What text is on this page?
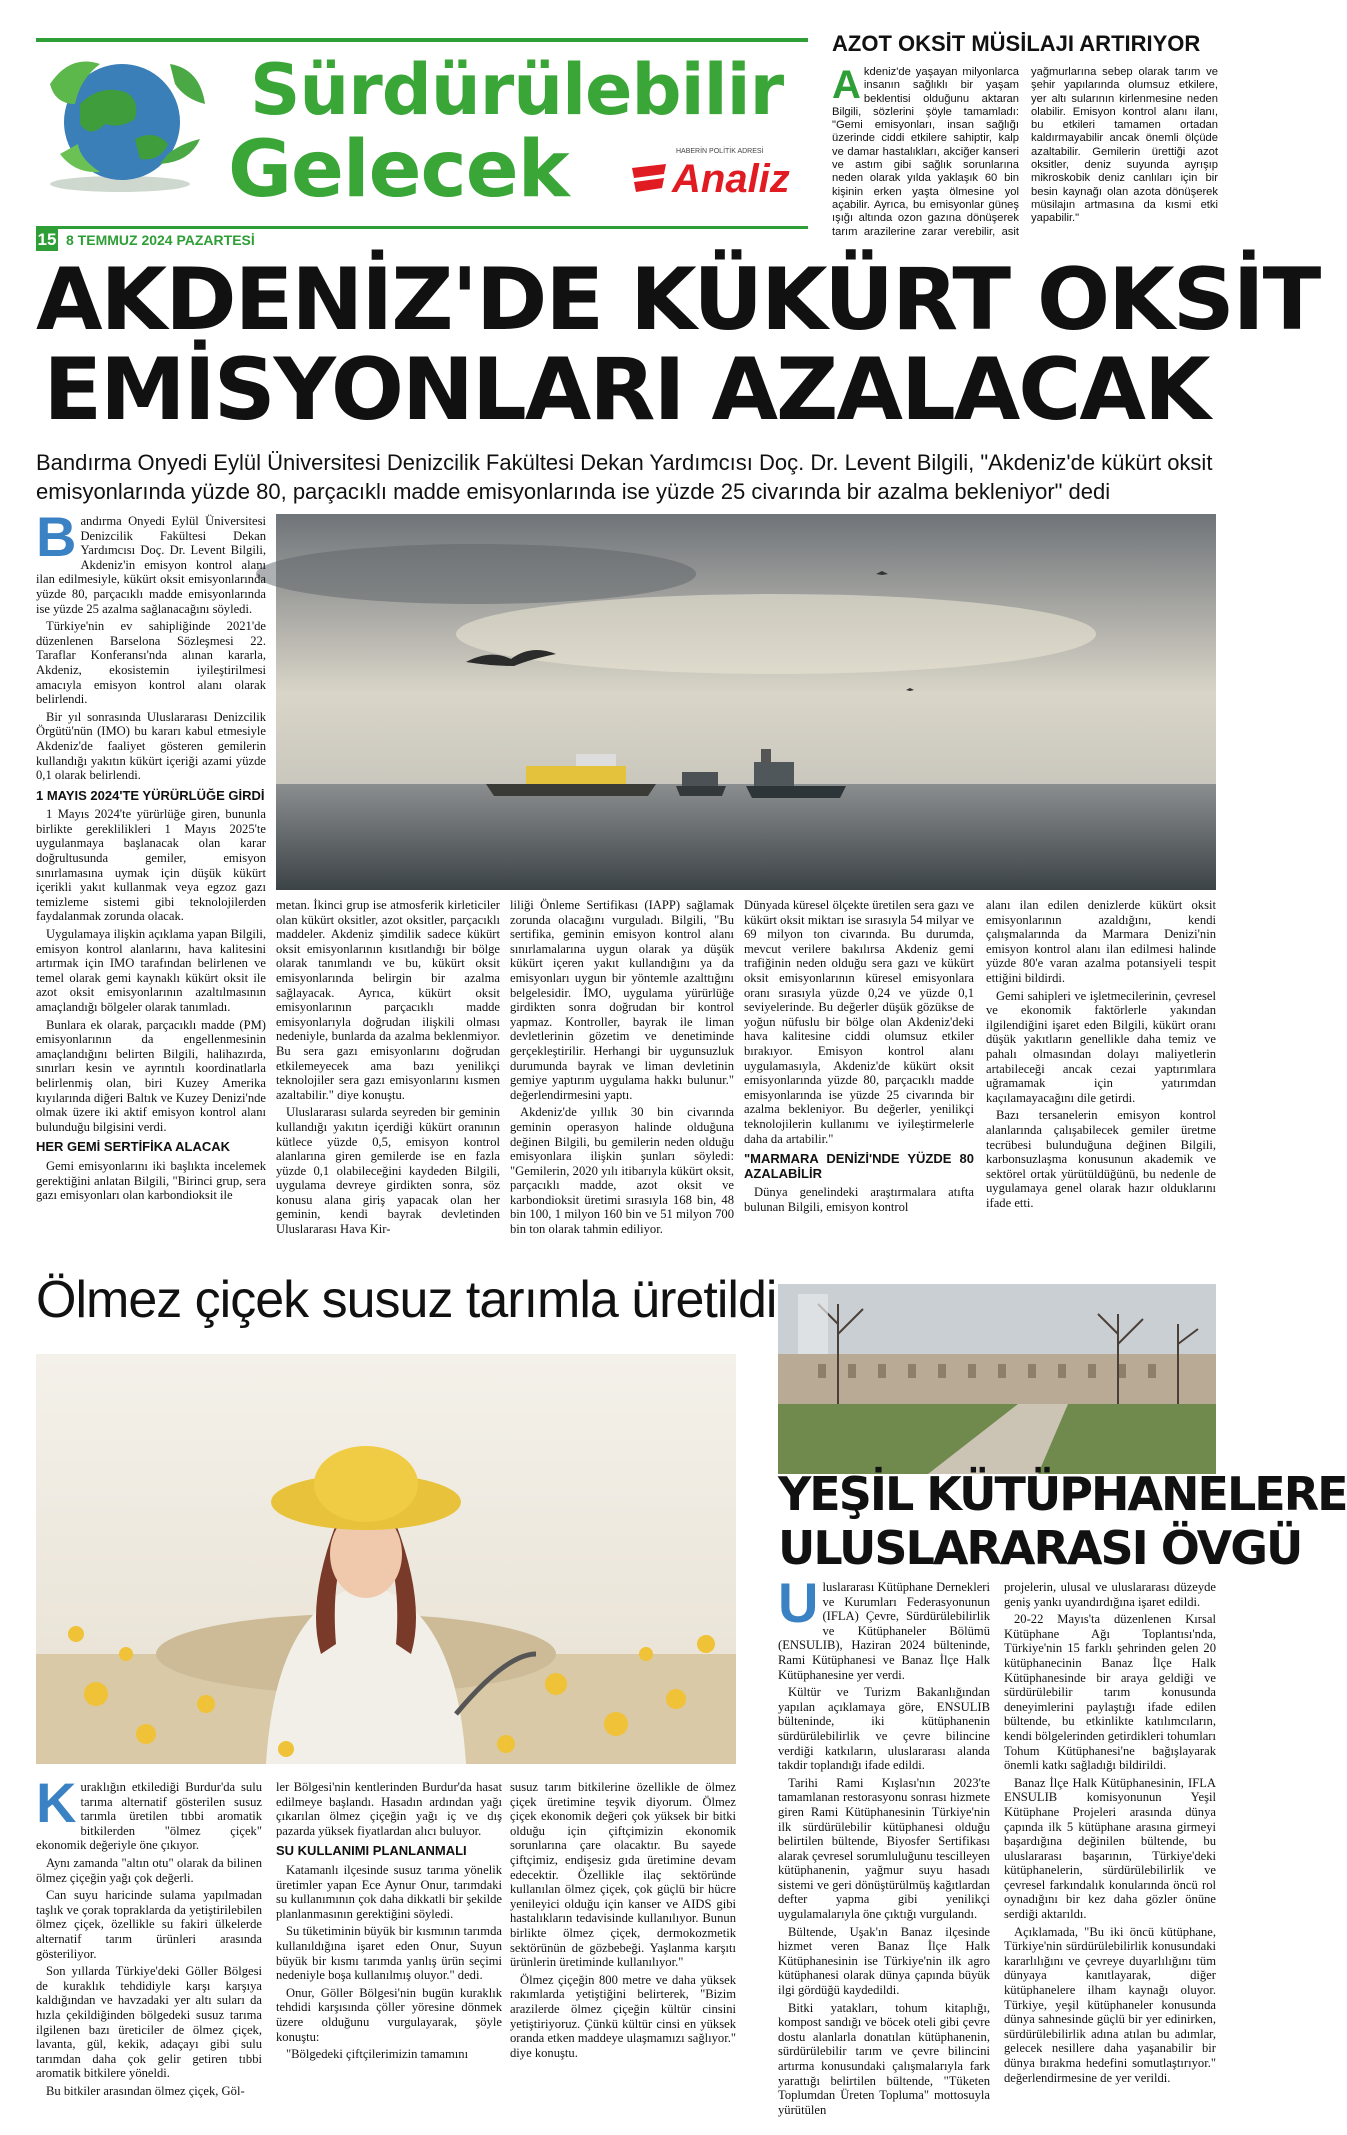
Sürdürülebilir
Gelecek	HABERİN POLİTİK ADRESİ
Analiz
15 8 TEMMUZ 2024 PAZARTESİ
AZOT OKSİT MÜSİLAJI ARTIRIYOR
Akdeniz'de yaşayan milyonlarca insanın sağlıklı bir yaşam beklentisi olduğunu aktaran Bilgili, sözlerini şöyle tamamladı: "Gemi emisyonları, insan sağlığı üzerinde ciddi etkilere sahiptir, kalp ve damar hastalıkları, akciğer kanseri ve astım gibi sağlık sorunlarına neden olarak yılda yaklaşık 60 bin kişinin erken yaşta ölmesine yol açabilir. Ayrıca, bu emisyonlar güneş ışığı altında ozon gazına dönüşerek tarım arazilerine zarar verebilir, asit yağmurlarına sebep olarak tarım ve şehir yapılarında olumsuz etkilere, yer altı sularının kirlenmesine neden olabilir. Emisyon kontrol alanı ilanı, bu etkileri tamamen ortadan kaldırmayabilir ancak önemli ölçüde azaltabilir. Gemilerin ürettiği azot oksitler, deniz suyunda ayrışıp mikroskobik deniz canlıları için bir besin kaynağı olan azota dönüşerek müsilajın artmasına da kısmi etki yapabilir."
AKDENİZ'DE KÜKÜRT OKSİT
EMİSYONLARI AZALACAK
Bandırma Onyedi Eylül Üniversitesi Denizcilik Fakültesi Dekan Yardımcısı Doç. Dr. Levent Bilgili, "Akdeniz'de kükürt oksit emisyonlarında yüzde 80, parçacıklı madde emisyonlarında ise yüzde 25 civarında bir azalma bekleniyor" dedi

Bandırma Onyedi Eylül Üniversitesi Denizcilik Fakültesi Dekan Yardımcısı Doç. Dr. Levent Bilgili, Akdeniz'in emisyon kontrol alanı ilan edilmesiyle, kükürt oksit emisyonlarında yüzde 80, parçacıklı madde emisyonlarında ise yüzde 25 azalma sağlanacağını söyledi.

Türkiye'nin ev sahipliğinde 2021'de düzenlenen Barselona Sözleşmesi 22. Taraflar Konferansı'nda alınan kararla, Akdeniz, ekosistemin iyileştirilmesi amacıyla emisyon kontrol alanı olarak belirlendi.

Bir yıl sonrasında Uluslararası Denizcilik Örgütü'nün (IMO) bu kararı kabul etmesiyle Akdeniz'de faaliyet gösteren gemilerin kullandığı yakıtın kükürt içeriği azami yüzde 0,1 olarak belirlendi.

1 MAYIS 2024'TE YÜRÜRLÜĞE GİRDİ

1 Mayıs 2024'te yürürlüğe giren, bununla birlikte gereklilikleri 1 Mayıs 2025'te uygulanmaya başlanacak olan karar doğrultusunda gemiler, emisyon sınırlamasına uymak için düşük kükürt içerikli yakıt kullanmak veya egzoz gazı temizleme sistemi gibi teknolojilerden faydalanmak zorunda olacak.

Uygulamaya ilişkin açıklama yapan Bilgili, emisyon kontrol alanlarını, hava kalitesini artırmak için IMO tarafından belirlenen ve temel olarak gemi kaynaklı kükürt oksit ile azot oksit emisyonlarının azaltılmasının amaçlandığı bölgeler olarak tanımladı.

Bunlara ek olarak, parçacıklı madde (PM) emisyonlarının da engellenmesinin amaçlandığını belirten Bilgili, halihazırda, sınırları kesin ve ayrıntılı koordinatlarla belirlenmiş olan, biri Kuzey Amerika kıyılarında diğeri Baltık ve Kuzey Denizi'nde olmak üzere iki aktif emisyon kontrol alanı bulunduğu bilgisini verdi.

HER GEMİ SERTİFİKA ALACAK

Gemi emisyonlarını iki başlıkta incelemek gerektiğini anlatan Bilgili, "Birinci grup, sera gazı emisyonları olan karbondioksit ile

metan. İkinci grup ise atmosferik kirleticiler olan kükürt oksitler, azot oksitler, parçacıklı maddeler. Akdeniz şimdilik sadece kükürt oksit emisyonlarının kısıtlandığı bir bölge olarak tanımlandı ve bu, kükürt oksit emisyonlarında belirgin bir azalma sağlayacak. Ayrıca, kükürt oksit emisyonlarının parçacıklı madde emisyonlarıyla doğrudan ilişkili olması nedeniyle, bunlarda da azalma beklenmiyor. Bu sera gazı emisyonlarını doğrudan etkilemeyecek ama bazı yenilikçi teknolojiler sera gazı emisyonlarını kısmen azaltabilir." diye konuştu.

Uluslararası sularda seyreden bir geminin kullandığı yakıtın içerdiği kükürt oranının kütlece yüzde 0,5, emisyon kontrol alanlarına giren gemilerde ise en fazla yüzde 0,1 olabileceğini kaydeden Bilgili, uygulama devreye girdikten sonra, söz konusu alana giriş yapacak olan her geminin, kendi bayrak devletinden Uluslararası Hava Kir-

liliği Önleme Sertifikası (IAPP) sağlamak zorunda olacağını vurguladı. Bilgili, "Bu sertifika, geminin emisyon kontrol alanı sınırlamalarına uygun olarak ya düşük kükürt içeren yakıt kullandığını ya da emisyonları uygun bir yöntemle azalttığını belgelesidir. İMO, uygulama yürürlüğe girdikten sonra doğrudan bir kontrol yapmaz. Kontroller, bayrak ile liman devletlerinin gözetim ve denetiminde gerçekleştirilir. Herhangi bir uygunsuzluk durumunda bayrak ve liman devletinin gemiye yaptırım uygulama hakkı bulunur." değerlendirmesini yaptı.

Akdeniz'de yıllık 30 bin civarında geminin operasyon halinde olduğuna değinen Bilgili, bu gemilerin neden olduğu emisyonlara ilişkin şunları söyledi: "Gemilerin, 2020 yılı itibarıyla kükürt oksit, parçacıklı madde, azot oksit ve karbondioksit üretimi sırasıyla 168 bin, 48 bin 100, 1 milyon 160 bin ve 51 milyon 700 bin ton olarak tahmin ediliyor.

Dünyada küresel ölçekte üretilen sera gazı ve kükürt oksit miktarı ise sırasıyla 54 milyar ve 69 milyon ton civarında. Bu durumda, mevcut verilere bakılırsa Akdeniz gemi trafiğinin neden olduğu sera gazı ve kükürt oksit emisyonlarının küresel emisyonlara oranı sırasıyla yüzde 0,24 ve yüzde 0,1 seviyelerinde. Bu değerler düşük gözükse de yoğun nüfuslu bir bölge olan Akdeniz'deki hava kalitesine ciddi olumsuz etkiler bırakıyor. Emisyon kontrol alanı uygulamasıyla, Akdeniz'de kükürt oksit emisyonlarında yüzde 80, parçacıklı madde emisyonlarında ise yüzde 25 civarında bir azalma bekleniyor. Bu değerler, yenilikçi teknolojilerin kullanımı ve iyileştirmelerle daha da artabilir."

"MARMARA DENİZİ'NDE YÜZDE 80 AZALABİLİR

Dünya genelindeki araştırmalara atıfta bulunan Bilgili, emisyon kontrol

alanı ilan edilen denizlerde kükürt oksit emisyonlarının azaldığını, kendi çalışmalarında da Marmara Denizi'nin emisyon kontrol alanı ilan edilmesi halinde yüzde 80'e varan azalma potansiyeli tespit ettiğini bildirdi.

Gemi sahipleri ve işletmecilerinin, çevresel ve ekonomik faktörlerle yakından ilgilendiğini işaret eden Bilgili, kükürt oranı düşük yakıtların genellikle daha temiz ve pahalı olmasından dolayı maliyetlerin artabileceği ancak cezai yaptırımlara uğramamak için yatırımdan kaçılamayacağını dile getirdi.

Bazı tersanelerin emisyon kontrol alanlarında çalışabilecek gemiler üretme tecrübesi bulunduğuna değinen Bilgili, karbonsuzlaşma konusunun akademik ve sektörel ortak yürütüldüğünü, bu nedenle de uygulamaya genel olarak hazır olduklarını ifade etti.

Ölmez çiçek susuz tarımla üretildi

Kuraklığın etkilediği Burdur'da sulu tarıma alternatif gösterilen susuz tarımla üretilen tıbbi aromatik bitkilerden "ölmez çiçek" ekonomik değeriyle öne çıkıyor.

Aynı zamanda "altın otu" olarak da bilinen ölmez çiçeğin yağı çok değerli.

Can suyu haricinde sulama yapılmadan taşlık ve çorak topraklarda da yetiştirilebilen ölmez çiçek, özellikle su fakiri ülkelerde alternatif tarım ürünleri arasında gösteriliyor.

Son yıllarda Türkiye'deki Göller Bölgesi de kuraklık tehdidiyle karşı karşıya kaldığından ve havzadaki yer altı suları da hızla çekildiğinden bölgedeki susuz tarıma ilgilenen bazı üreticiler de ölmez çiçek, lavanta, gül, kekik, adaçayı gibi sulu tarımdan daha çok gelir getiren tıbbi aromatik bitkilere yöneldi.

Bu bitkiler arasından ölmez çiçek, Göl-

ler Bölgesi'nin kentlerinden Burdur'da hasat edilmeye başlandı. Hasadın ardından yağı çıkarılan ölmez çiçeğin yağı iç ve dış pazarda yüksek fiyatlardan alıcı buluyor.

SU KULLANIMI PLANLANMALI

Katamanlı ilçesinde susuz tarıma yönelik üretimler yapan Ece Aynur Onur, tarımdaki su kullanımının çok daha dikkatli bir şekilde planlanmasının gerektiğini söyledi.

Su tüketiminin büyük bir kısmının tarımda kullanıldığına işaret eden Onur, Suyun büyük bir kısmı tarımda yanlış ürün seçimi nedeniyle boşa kullanılmış oluyor." dedi.

Onur, Göller Bölgesi'nin bugün kuraklık tehdidi karşısında çöller yöresine dönmek üzere olduğunu vurgulayarak, şöyle konuştu:

"Bölgedeki çiftçilerimizin tamamını

susuz tarım bitkilerine özellikle de ölmez çiçek üretimine teşvik diyorum. Ölmez çiçek ekonomik değeri çok yüksek bir bitki olduğu için çiftçimizin ekonomik sorunlarına çare olacaktır. Bu sayede çiftçimiz, endişesiz gıda üretimine devam edecektir. Özellikle ilaç sektöründe kullanılan ölmez çiçek, çok güçlü bir hücre yenileyici olduğu için kanser ve AIDS gibi hastalıkların tedavisinde kullanılıyor. Bunun birlikte ölmez çiçek, dermokozmetik sektörünün de gözbebeği. Yaşlanma karşıtı ürünlerin üretiminde kullanılıyor."

Ölmez çiçeğin 800 metre ve daha yüksek rakımlarda yetiştiğini belirterek, "Bizim arazilerde ölmez çiçeğin kültür cinsini yetiştiriyoruz. Çünkü kültür cinsi en yüksek oranda etken maddeye ulaşmamızı sağlıyor." diye konuştu.

YEŞİL KÜTÜPHANELERE
ULUSLARARASI ÖVGÜ

Uluslararası Kütüphane Dernekleri ve Kurumları Federasyonunun (IFLA) Çevre, Sürdürülebilirlik ve Kütüphaneler Bölümü (ENSULIB), Haziran 2024 bülteninde, Rami Kütüphanesi ve Banaz İlçe Halk Kütüphanesine yer verdi.

Kültür ve Turizm Bakanlığından yapılan açıklamaya göre, ENSULIB bülteninde, iki kütüphanenin sürdürülebilirlik ve çevre bilincine verdiği katkıların, uluslararası alanda takdir toplandığı ifade edildi.

Tarihi Rami Kışlası'nın 2023'te tamamlanan restorasyonu sonrası hizmete giren Rami Kütüphanesinin Türkiye'nin ilk sürdürülebilir kütüphanesi olduğu belirtilen bültende, Biyosfer Sertifikası alarak çevresel sorumluluğunu tescilleyen kütüphanenin, yağmur suyu hasadı sistemi ve geri dönüştürülmüş kağıtlardan defter yapma gibi yenilikçi uygulamalarıyla öne çıktığı vurgulandı.

Bültende, Uşak'ın Banaz ilçesinde hizmet veren Banaz İlçe Halk Kütüphanesinin ise Türkiye'nin ilk agro kütüphanesi olarak dünya çapında büyük ilgi gördüğü kaydedildi.

Bitki yatakları, tohum kitaplığı, kompost sandığı ve böcek oteli gibi çevre dostu alanlarla donatılan kütüphanenin, sürdürülebilir tarım ve çevre bilincini artırma konusundaki çalışmalarıyla fark yarattığı belirtilen bültende, "Tüketen Toplumdan Üreten Topluma" mottosuyla yürütülen

projelerin, ulusal ve uluslararası düzeyde geniş yankı uyandırdığına işaret edildi.

20-22 Mayıs'ta düzenlenen Kırsal Kütüphane Ağı Toplantısı'nda, Türkiye'nin 15 farklı şehrinden gelen 20 kütüphanecinin Banaz İlçe Halk Kütüphanesinde bir araya geldiği ve sürdürülebilir tarım konusunda deneyimlerini paylaştığı ifade edilen bültende, bu etkinlikte katılımcıların, kendi bölgelerinden getirdikleri tohumları Tohum Kütüphanesi'ne bağışlayarak önemli katkı sağladığı bildirildi.

Banaz İlçe Halk Kütüphanesinin, IFLA ENSULIB komisyonunun Yeşil Kütüphane Projeleri arasında dünya çapında ilk 5 kütüphane arasına girmeyi başardığına değinilen bültende, bu uluslararası başarının, Türkiye'deki kütüphanelerin, sürdürülebilirlik ve çevresel farkındalık konularında öncü rol oynadığını bir kez daha gözler önüne serdiği aktarıldı.

Açıklamada, "Bu iki öncü kütüphane, Türkiye'nin sürdürülebilirlik konusundaki kararlılığını ve çevreye duyarlılığını tüm dünyaya kanıtlayarak, diğer kütüphanelere ilham kaynağı oluyor. Türkiye, yeşil kütüphaneler konusunda dünya sahnesinde güçlü bir yer edinirken, sürdürülebilirlik adına atılan bu adımlar, gelecek nesillere daha yaşanabilir bir dünya bırakma hedefini somutlaştırıyor." değerlendirmesine de yer verildi.
